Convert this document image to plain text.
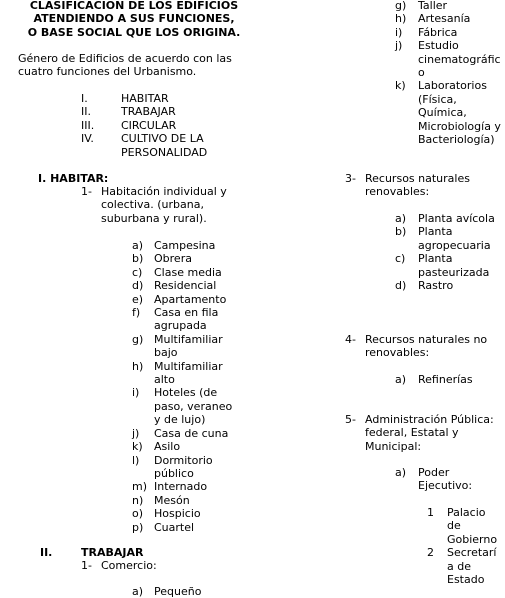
CLASIFICACION DE LOS EDIFICIOS
ATENDIENDO A SUS FUNCIONES,
O BASE SOCIAL QUE LOS ORIGINA.
Género de Edificios de acuerdo con las
cuatro funciones del Urbanismo.
I.	HABITAR
II.	TRABAJAR
III. CIRCULAR
IV. CULTIVO DE LA PERSONALIDAD
I. HABITAR:
1- Habitación individual y
colectiva. (urbana,
suburbana y rural).
a) Campesina
b) Obrera
c) Clase media
d) Residencial
e) Apartamento
f) Casa en fila
agrupada
g) Multifamiliar
bajo
h) Multifamiliar
alto
i) Hoteles (de
paso, veraneo
y de lujo)
j) Casa de cuna
k) Asilo
l) Dormitorio
público
m) Internado
n) Mesón
o) Hospicio
p) Cuartel
II.	TRABAJAR
1- Comercio:
a) Pequeño
g) Taller
h) Artesanía
i) Fábrica
j) Estudio
cinematográfic
o
k) Laboratorios
(Física,
Química,
Microbiología y
Bacteriología)
3- Recursos naturales
renovables:
a) Planta avícola
b) Planta
agropecuaria
c) Planta
pasteurizada
d) Rastro
4- Recursos naturales no
renovables:
a) Refinerías
5- Administración Pública:
federal, Estatal y
Municipal:
a) Poder
Ejecutivo:
1 Palacio
de
Gobierno
2 Secretarí
a de
Estado
